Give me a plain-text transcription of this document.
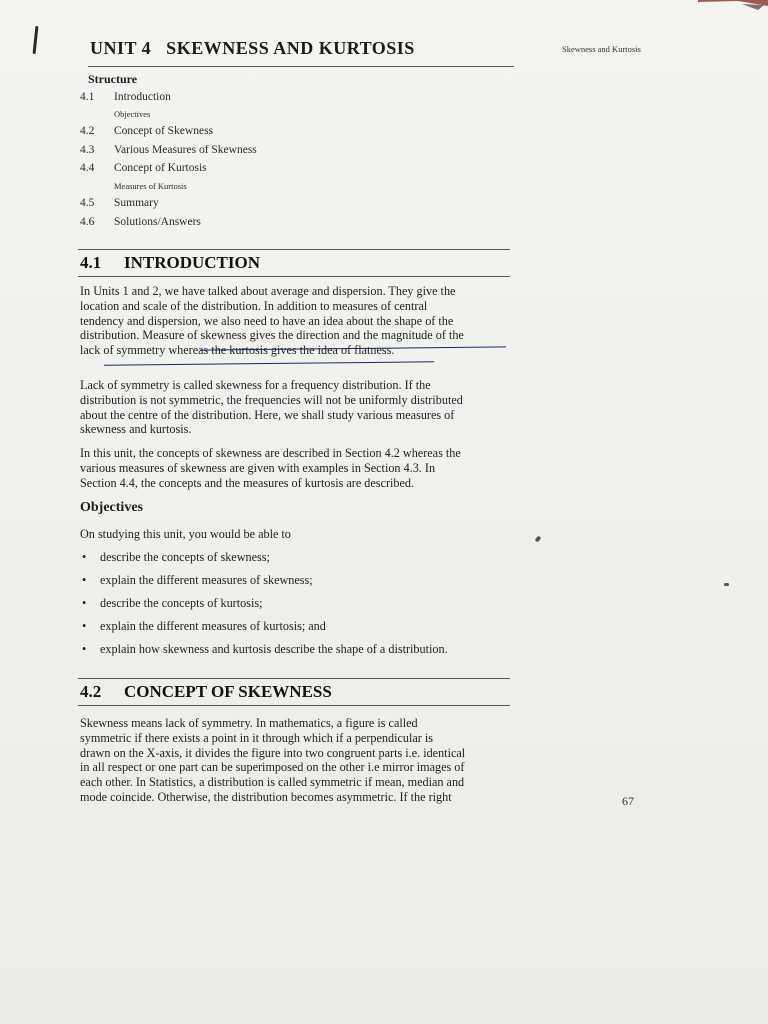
UNIT 4   SKEWNESS AND KURTOSIS	Skewness and Kurtosis
Structure
4.1 Introduction
Objectives
4.2 Concept of Skewness
4.3 Various Measures of Skewness
4.4 Concept of Kurtosis
Measures of Kurtosis
4.5 Summary
4.6 Solutions/Answers
4.1 INTRODUCTION
In Units 1 and 2, we have talked about average and dispersion. They give the
location and scale of the distribution. In addition to measures of central
tendency and dispersion, we also need to have an idea about the shape of the
distribution. Measure of skewness gives the direction and the magnitude of the
lack of symmetry whereas the kurtosis gives the idea of flatness.
Lack of symmetry is called skewness for a frequency distribution. If the
distribution is not symmetric, the frequencies will not be uniformly distributed
about the centre of the distribution. Here, we shall study various measures of
skewness and kurtosis.
In this unit, the concepts of skewness are described in Section 4.2 whereas the
various measures of skewness are given with examples in Section 4.3. In
Section 4.4, the concepts and the measures of kurtosis are described.
Objectives
On studying this unit, you would be able to
• describe the concepts of skewness;
• explain the different measures of skewness;
• describe the concepts of kurtosis;
• explain the different measures of kurtosis; and
• explain how skewness and kurtosis describe the shape of a distribution.
4.2 CONCEPT OF SKEWNESS
Skewness means lack of symmetry. In mathematics, a figure is called
symmetric if there exists a point in it through which if a perpendicular is
drawn on the X-axis, it divides the figure into two congruent parts i.e. identical
in all respect or one part can be superimposed on the other i.e mirror images of
each other. In Statistics, a distribution is called symmetric if mean, median and
mode coincide. Otherwise, the distribution becomes asymmetric. If the right	67
